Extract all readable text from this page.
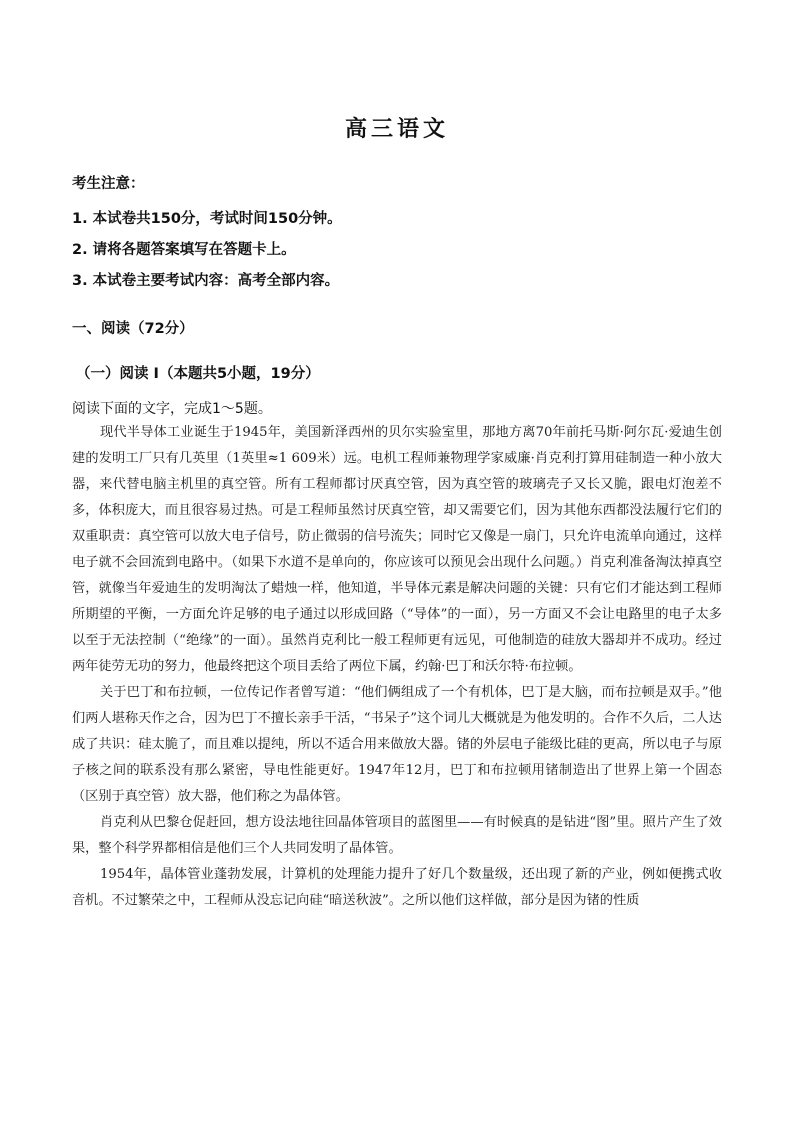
高三语文
考生注意：
1. 本试卷共150分，考试时间150分钟。
2. 请将各题答案填写在答题卡上。
3. 本试卷主要考试内容：高考全部内容。
一、阅读（72分）
（一）阅读 I（本题共5小题，19分）
阅读下面的文字，完成1～5题。

现代半导体工业诞生于1945年，美国新泽西州的贝尔实验室里，那地方离70年前托马斯·阿尔瓦·爱迪生创建的发明工厂只有几英里（1英里≈1 609米）远。电机工程师兼物理学家威廉·肖克利打算用硅制造一种小放大器，来代替电脑主机里的真空管。所有工程师都讨厌真空管，因为真空管的玻璃壳子又长又脆，跟电灯泡差不多，体积庞大，而且很容易过热。可是工程师虽然讨厌真空管，却又需要它们，因为其他东西都没法履行它们的双重职责：真空管可以放大电子信号，防止微弱的信号流失；同时它又像是一扇门，只允许电流单向通过，这样电子就不会回流到电路中。（如果下水道不是单向的，你应该可以预见会出现什么问题。）肖克利准备淘汰掉真空管，就像当年爱迪生的发明淘汰了蜡烛一样，他知道，半导体元素是解决问题的关键：只有它们才能达到工程师所期望的平衡，一方面允许足够的电子通过以形成回路（“导体”的一面），另一方面又不会让电路里的电子太多以至于无法控制（“绝缘”的一面）。虽然肖克利比一般工程师更有远见，可他制造的硅放大器却并不成功。经过两年徒劳无功的努力，他最终把这个项目丢给了两位下属，约翰·巴丁和沃尔特·布拉顿。

关于巴丁和布拉顿，一位传记作者曾写道：“他们俩组成了一个有机体，巴丁是大脑，而布拉顿是双手。”他们两人堪称天作之合，因为巴丁不擅长亲手干活，“书呆子”这个词儿大概就是为他发明的。合作不久后，二人达成了共识：硅太脆了，而且难以提纯，所以不适合用来做放大器。锗的外层电子能级比硅的更高，所以电子与原子核之间的联系没有那么紧密，导电性能更好。1947年12月，巴丁和布拉顿用锗制造出了世界上第一个固态（区别于真空管）放大器，他们称之为晶体管。

肖克利从巴黎仓促赶回，想方设法地往回晶体管项目的蓝图里——有时候真的是钻进“图”里。照片产生了效果，整个科学界都相信是他们三个人共同发明了晶体管。

1954年，晶体管业蓬勃发展，计算机的处理能力提升了好几个数量级，还出现了新的产业，例如便携式收音机。不过繁荣之中，工程师从没忘记向硅“暗送秋波”。之所以他们这样做，部分是因为锗的性质
